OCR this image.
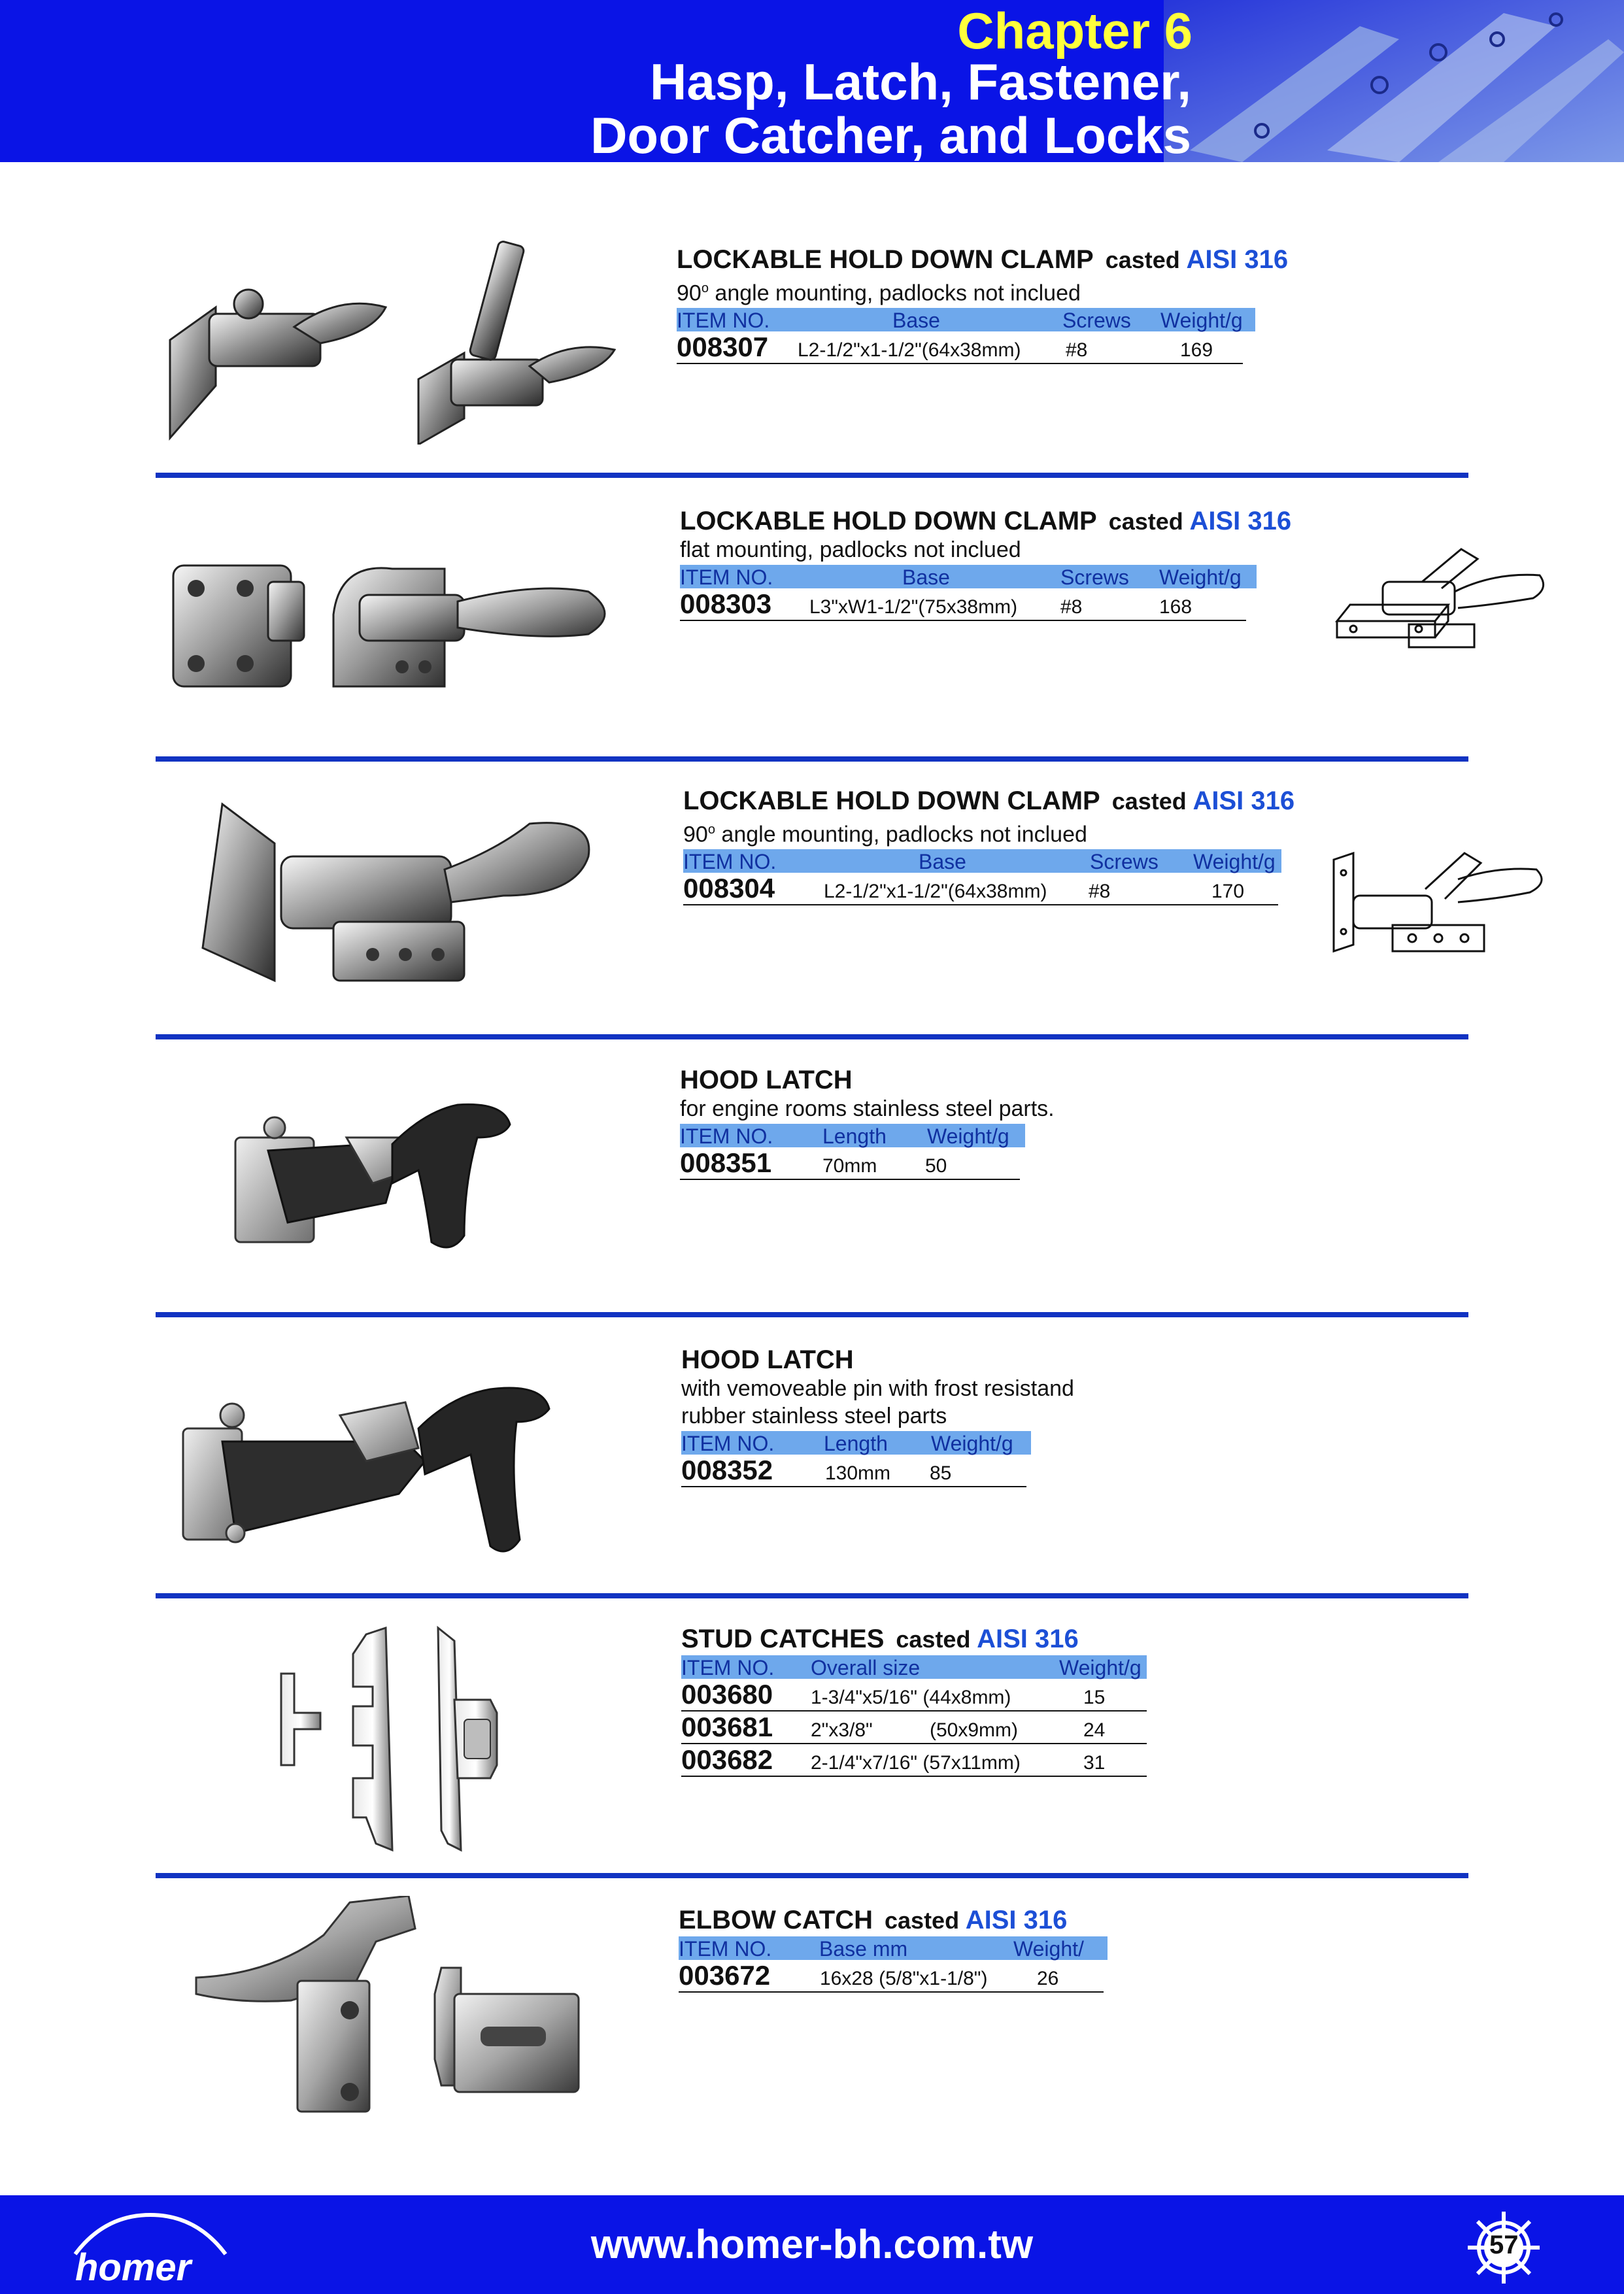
Chapter 6
Hasp, Latch, Fastener,
Door Catcher, and Locks
LOCKABLE HOLD DOWN CLAMP casted AISI 316
90$^o$ angle mounting, padlocks not inclued
ITEM NO.	Base	Screws Weight/g
008307 L2-1/2"x1-1/2"(64x38mm) #8	169
LOCKABLE HOLD DOWN CLAMP casted AISI 316
flat mounting, padlocks not inclued
ITEM NO.	Base	Screws Weight/g
008303 L3"xW1-1/2"(75x38mm) #8	168
LOCKABLE HOLD DOWN CLAMP casted AISI 316
90$^o$ angle mounting, padlocks not inclued
ITEM NO.	Base	Screws Weight/g
008304 L2-1/2"x1-1/2"(64x38mm) #8	170
HOOD LATCH
for engine rooms stainless steel parts.
ITEM NO. Length Weight/g
008351	70mm 50
HOOD LATCH
with vemoveable pin with frost resistand
rubber stainless steel parts
ITEM NO. Length Weight/g
008352	130mm 85
STUD CATCHES casted AISI 316
ITEM NO. Overall size	Weight/g
003680 1-3/4"x5/16" (44x8mm)	15
003681 2"x3/8"	(50x9mm)	24
003682 2-1/4"x7/16" (57x11mm)	31
ELBOW CATCH casted AISI 316
ITEM NO. Base mm	Weight/
003672	16x28 (5/8"x1-1/8")	26
homer
www.homer-bh.com.tw	57
